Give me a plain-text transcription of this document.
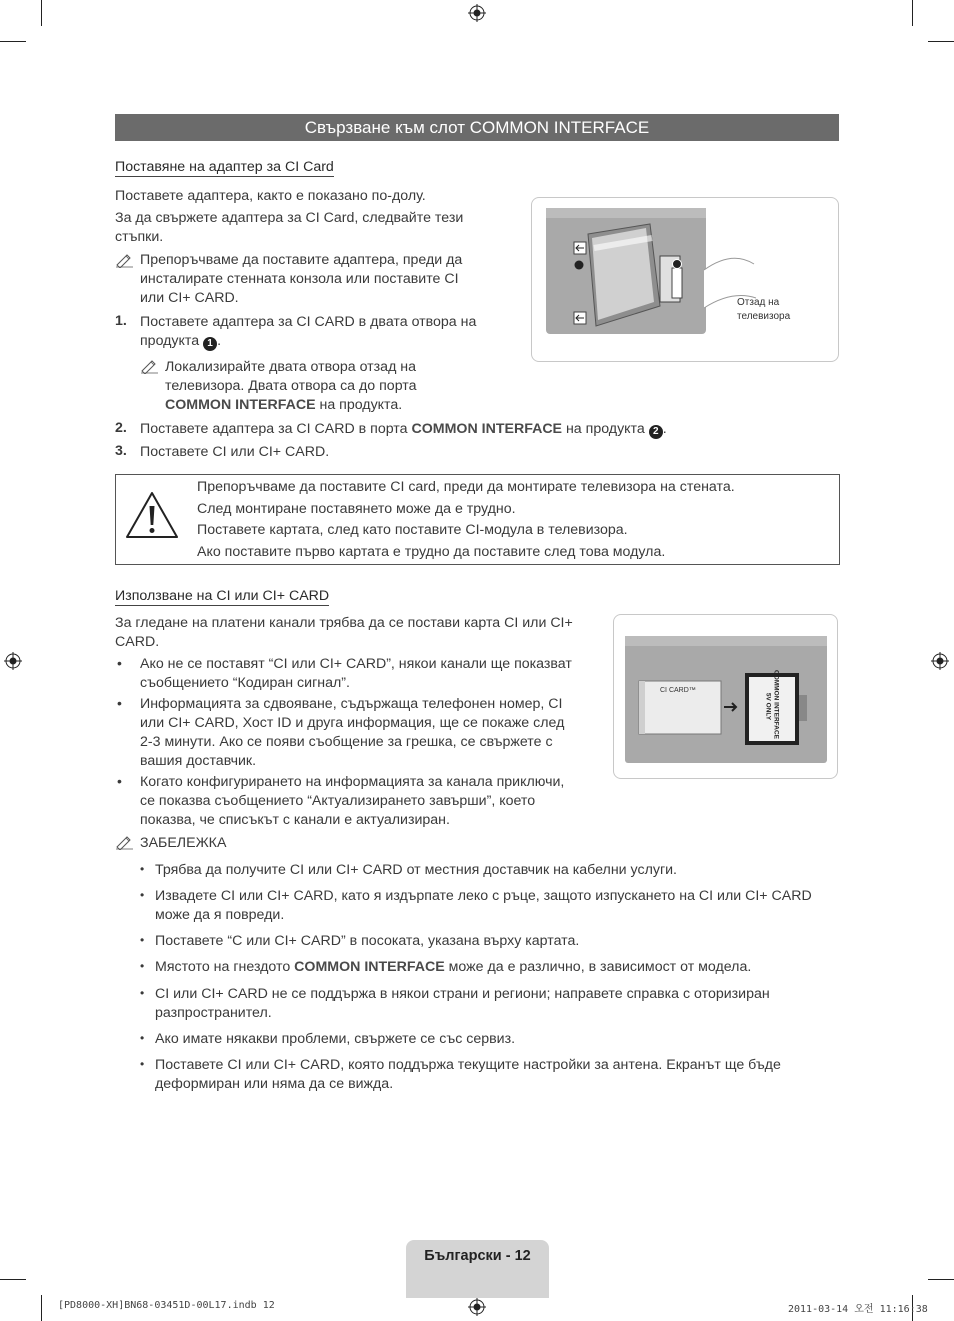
Свързване към слот COMMON INTERFACE
Поставяне на адаптер за CI Card
Поставете адаптера, както е показано по-долу.
За да свържете адаптера за CI Card, следвайте тези
стъпки.
Препоръчваме да поставите адаптера, преди да
инсталирате стенната конзола или поставите CI
или CI+ CARD.
1. Поставете адаптера за CI CARD в двата отвора на
продукта 1 .
Локализирайте двата отвора отзад на
телевизора. Двата отвора са до порта
COMMON INTERFACE на продукта.
2. Поставете адаптера за CI CARD в порта COMMON INTERFACE на продукта 2 .
3. Поставете CI или CI+ CARD.
Отзад на
телевизора
Препоръчваме да поставите CI card, преди да монтирате телевизора на стената.
След монтиране поставянето може да е трудно.
Поставете картата, след като поставите CI-модула в телевизора.
Ако поставите първо картата е трудно да поставите след това модула.
Използване на CI или CI+ CARD
За гледане на платени канали трябва да се постави карта CI или CI+
CARD.
• Ако не се поставят “CI или CI+ CARD”, някои канали ще показват
съобщението “Кодиран сигнал”.
• Информацията за сдвояване, съдържаща телефонен номер, CI
или CI+ CARD, Хост ID и друга информация, ще се покаже след
2-3 минути. Ако се появи съобщение за грешка, се свържете с
вашия доставчик.
• Когато конфигурирането на информацията за канала приключи,
се показва съобщението “Актуализирането завърши”, което
показва, че списъкът с канали е актуализиран.
ЗАБЕЛЕЖКА
CI CARD™	COMMON INTERFACE
5V ONLY
• Трябва да получите CI или CI+ CARD от местния доставчик на кабелни услуги.
• Извадете CI или CI+ CARD, като я издърпате леко с ръце, защото изпускането на CI или CI+ CARD
може да я повреди.
• Поставете “С или CI+ CARD” в посоката, указана върху картата.
• Мястото на гнездото COMMON INTERFACE може да е различно, в зависимост от модела.
• CI или CI+ CARD не се поддържа в някои страни и региони; направете справка с оторизиран
разпространител.
• Ако имате някакви проблеми, свържете се със сервиз.
• Поставете CI или CI+ CARD, която поддържа текущите настройки за антена. Екранът ще бъде
деформиран или няма да се вижда.
Български - 12
[PD8000-XH]BN68-03451D-00L17.indb 12	2011-03-14 오전 11:16:38
